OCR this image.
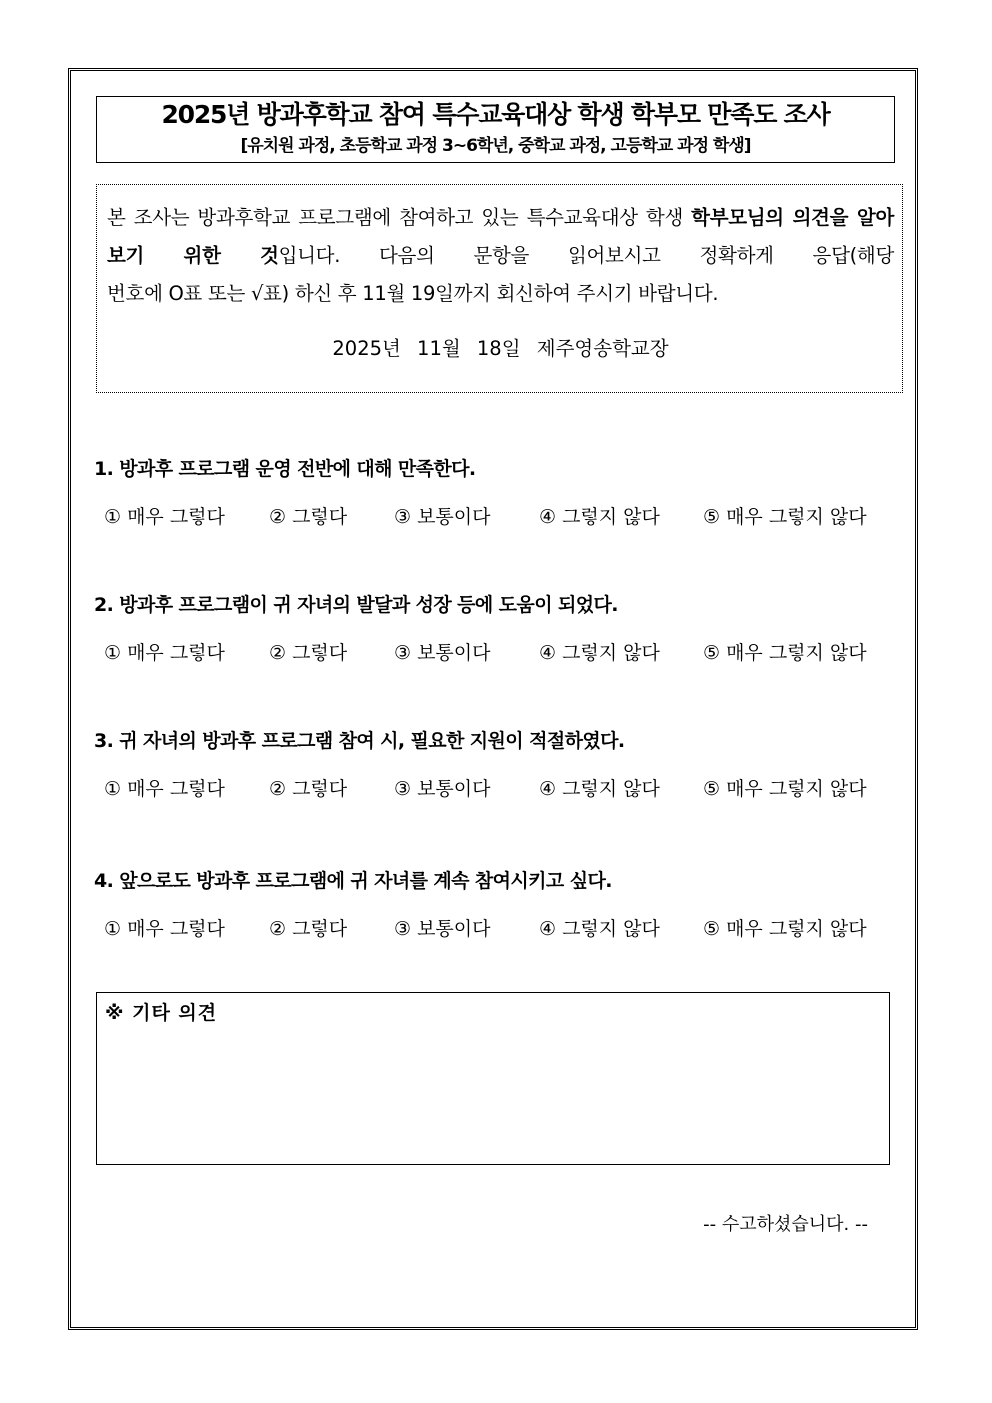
2025년 방과후학교 참여 특수교육대상 학생 학부모 만족도 조사
[유치원 과정, 초등학교 과정 3~6학년, 중학교 과정, 고등학교 과정 학생]
본 조사는 방과후학교 프로그램에 참여하고 있는 특수교육대상 학생 학부모님의 의견을 알아보기 위한 것입니다. 다음의 문항을 읽어보시고 정확하게 응답(해당
번호에 O표 또는 √표) 하신 후 11월 19일까지 회신하여 주시기 바랍니다.
2025년 11월 18일 제주영송학교장
1. 방과후 프로그램 운영 전반에 대해 만족한다.
① 매우 그렇다 ② 그렇다 ③ 보통이다	④ 그렇지 않다 ⑤ 매우 그렇지 않다
2. 방과후 프로그램이 귀 자녀의 발달과 성장 등에 도움이 되었다.
① 매우 그렇다 ② 그렇다 ③ 보통이다	④ 그렇지 않다 ⑤ 매우 그렇지 않다
3. 귀 자녀의 방과후 프로그램 참여 시, 필요한 지원이 적절하였다.
① 매우 그렇다 ② 그렇다 ③ 보통이다	④ 그렇지 않다 ⑤ 매우 그렇지 않다
4. 앞으로도 방과후 프로그램에 귀 자녀를 계속 참여시키고 싶다.
① 매우 그렇다 ② 그렇다 ③ 보통이다	④ 그렇지 않다 ⑤ 매우 그렇지 않다
※ 기타 의견
-- 수고하셨습니다. --
